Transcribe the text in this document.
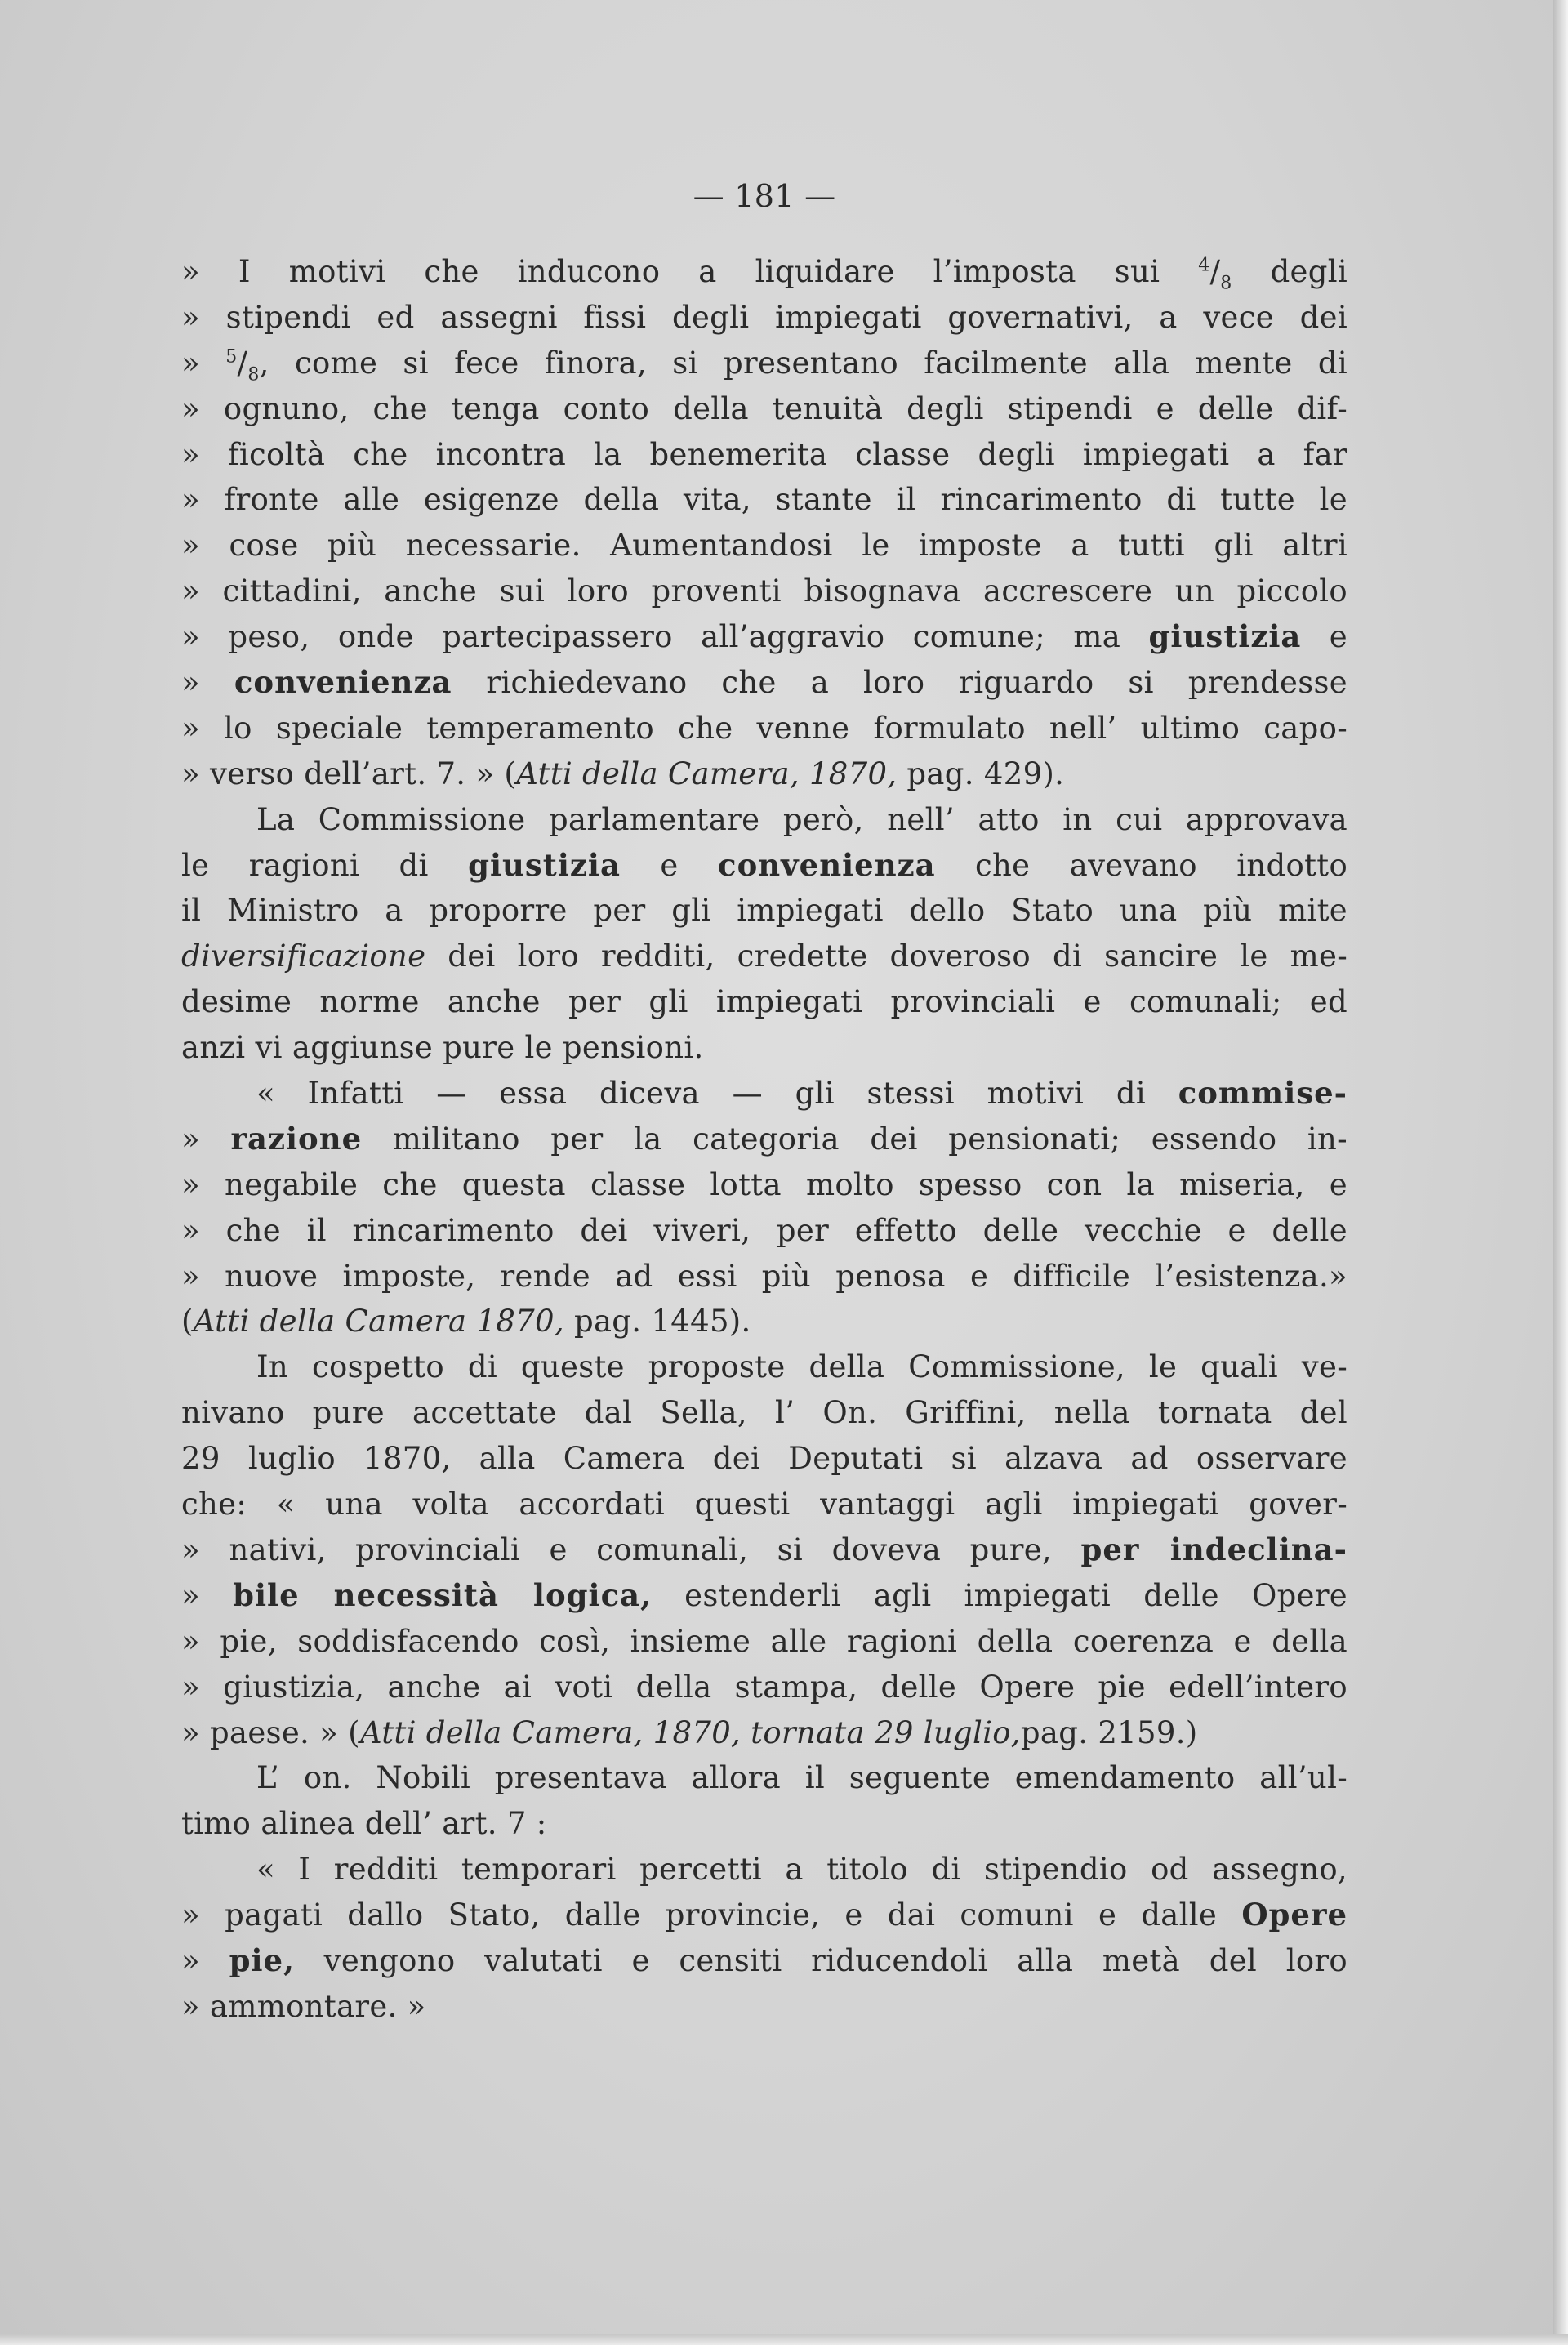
— 181 —
» I motivi che inducono a liquidare l’imposta sui $^4/_8$ degli
» stipendi ed assegni fissi degli impiegati governativi, a vece dei
» $^5/_8$, come si fece finora, si presentano facilmente alla mente di
» ognuno, che tenga conto della tenuità degli stipendi e delle dif-
» ficoltà che incontra la benemerita classe degli impiegati a far
» fronte alle esigenze della vita, stante il rincarimento di tutte le
» cose più necessarie. Aumentandosi le imposte a tutti gli altri
» cittadini, anche sui loro proventi bisognava accrescere un piccolo
» peso, onde partecipassero all’aggravio comune; ma giustizia e
» convenienza richiedevano che a loro riguardo si prendesse
» lo speciale temperamento che venne formulato nell’ ultimo capo-
» verso dell’art. 7. » (Atti della Camera, 1870, pag. 429).
La Commissione parlamentare però, nell’ atto in cui approvava
le ragioni di giustizia e convenienza che avevano indotto
il Ministro a proporre per gli impiegati dello Stato una più mite
diversificazione dei loro redditi, credette doveroso di sancire le me-
desime norme anche per gli impiegati provinciali e comunali; ed
anzi vi aggiunse pure le pensioni.
« Infatti — essa diceva — gli stessi motivi di commise-
» razione militano per la categoria dei pensionati; essendo in-
» negabile che questa classe lotta molto spesso con la miseria, e
» che il rincarimento dei viveri, per effetto delle vecchie e delle
» nuove imposte, rende ad essi più penosa e difficile l’esistenza.»
(Atti della Camera 1870, pag. 1445).
In cospetto di queste proposte della Commissione, le quali ve-
nivano pure accettate dal Sella, l’ On. Griffini, nella tornata del
29 luglio 1870, alla Camera dei Deputati si alzava ad osservare
che: « una volta accordati questi vantaggi agli impiegati gover-
» nativi, provinciali e comunali, si doveva pure, per indeclina-
» bile necessità logica, estenderli agli impiegati delle Opere
» pie, soddisfacendo così, insieme alle ragioni della coerenza e della
» giustizia, anche ai voti della stampa, delle Opere pie edell’intero
» paese. » (Atti della Camera, 1870, tornata 29 luglio,pag. 2159.)
L’ on. Nobili presentava allora il seguente emendamento all’ul-
timo alinea dell’ art. 7 :
« I redditi temporari percetti a titolo di stipendio od assegno,
» pagati dallo Stato, dalle provincie, e dai comuni e dalle Opere
» pie, vengono valutati e censiti riducendoli alla metà del loro
» ammontare. »
